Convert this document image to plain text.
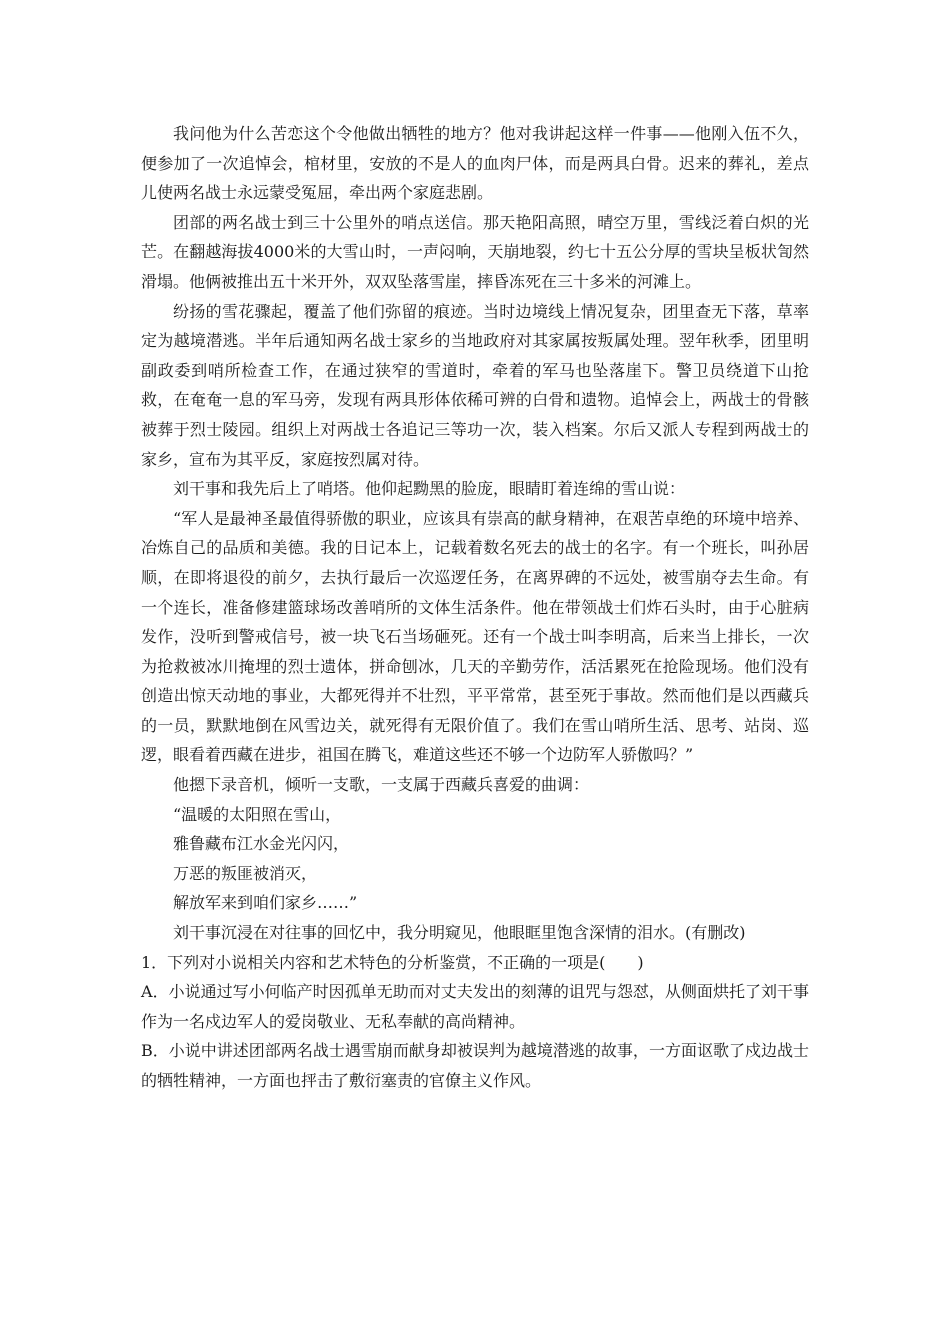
我问他为什么苦恋这个令他做出牺牲的地方？他对我讲起这样一件事——他刚入伍不久，便参加了一次追悼会，棺材里，安放的不是人的血肉尸体，而是两具白骨。迟来的葬礼，差点儿使两名战士永远蒙受冤屈，牵出两个家庭悲剧。

团部的两名战士到三十公里外的哨点送信。那天艳阳高照，晴空万里，雪线泛着白炽的光芒。在翻越海拔4000米的大雪山时，一声闷响，天崩地裂，约七十五公分厚的雪块呈板状訇然滑塌。他俩被推出五十米开外，双双坠落雪崖，摔昏冻死在三十多米的河滩上。

纷扬的雪花骤起，覆盖了他们弥留的痕迹。当时边境线上情况复杂，团里查无下落，草率定为越境潜逃。半年后通知两名战士家乡的当地政府对其家属按叛属处理。翌年秋季，团里明副政委到哨所检查工作，在通过狭窄的雪道时，牵着的军马也坠落崖下。警卫员绕道下山抢救，在奄奄一息的军马旁，发现有两具形体依稀可辨的白骨和遗物。追悼会上，两战士的骨骸被葬于烈士陵园。组织上对两战士各追记三等功一次，装入档案。尔后又派人专程到两战士的家乡，宣布为其平反，家庭按烈属对待。

刘干事和我先后上了哨塔。他仰起黝黑的脸庞，眼睛盯着连绵的雪山说：

“军人是最神圣最值得骄傲的职业，应该具有崇高的献身精神，在艰苦卓绝的环境中培养、冶炼自己的品质和美德。我的日记本上，记载着数名死去的战士的名字。有一个班长，叫孙居顺，在即将退役的前夕，去执行最后一次巡逻任务，在离界碑的不远处，被雪崩夺去生命。有一个连长，准备修建篮球场改善哨所的文体生活条件。他在带领战士们炸石头时，由于心脏病发作，没听到警戒信号，被一块飞石当场砸死。还有一个战士叫李明高，后来当上排长，一次为抢救被冰川掩埋的烈士遗体，拼命刨冰，几天的辛勤劳作，活活累死在抢险现场。他们没有创造出惊天动地的事业，大都死得并不壮烈，平平常常，甚至死于事故。然而他们是以西藏兵的一员，默默地倒在风雪边关，就死得有无限价值了。我们在雪山哨所生活、思考、站岗、巡逻，眼看着西藏在进步，祖国在腾飞，难道这些还不够一个边防军人骄傲吗？”

他摁下录音机，倾听一支歌，一支属于西藏兵喜爱的曲调：

“温暖的太阳照在雪山，

雅鲁藏布江水金光闪闪，

万恶的叛匪被消灭，

解放军来到咱们家乡……”

刘干事沉浸在对往事的回忆中，我分明窥见，他眼眶里饱含深情的泪水。(有删改)

1．下列对小说相关内容和艺术特色的分析鉴赏，不正确的一项是(　　)

A．小说通过写小何临产时因孤单无助而对丈夫发出的刻薄的诅咒与怨怼，从侧面烘托了刘干事作为一名戍边军人的爱岗敬业、无私奉献的高尚精神。

B．小说中讲述团部两名战士遇雪崩而献身却被误判为越境潜逃的故事，一方面讴歌了戍边战士的牺牲精神，一方面也抨击了敷衍塞责的官僚主义作风。
